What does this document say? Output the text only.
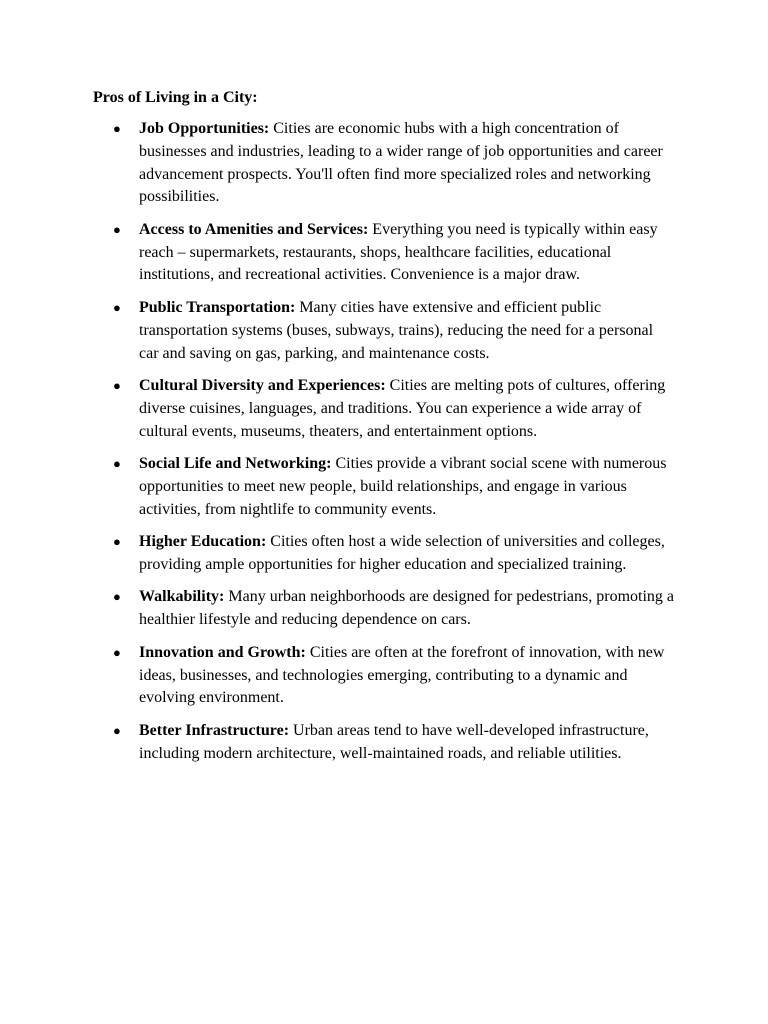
Pros of Living in a City:

● Job Opportunities: Cities are economic hubs with a high concentration of businesses and industries, leading to a wider range of job opportunities and career advancement prospects. You'll often find more specialized roles and networking possibilities.
● Access to Amenities and Services: Everything you need is typically within easy reach – supermarkets, restaurants, shops, healthcare facilities, educational institutions, and recreational activities. Convenience is a major draw.
● Public Transportation: Many cities have extensive and efficient public transportation systems (buses, subways, trains), reducing the need for a personal car and saving on gas, parking, and maintenance costs.
● Cultural Diversity and Experiences: Cities are melting pots of cultures, offering diverse cuisines, languages, and traditions. You can experience a wide array of cultural events, museums, theaters, and entertainment options.
● Social Life and Networking: Cities provide a vibrant social scene with numerous opportunities to meet new people, build relationships, and engage in various activities, from nightlife to community events.
● Higher Education: Cities often host a wide selection of universities and colleges, providing ample opportunities for higher education and specialized training.
● Walkability: Many urban neighborhoods are designed for pedestrians, promoting a healthier lifestyle and reducing dependence on cars.
● Innovation and Growth: Cities are often at the forefront of innovation, with new ideas, businesses, and technologies emerging, contributing to a dynamic and evolving environment.
● Better Infrastructure: Urban areas tend to have well-developed infrastructure, including modern architecture, well-maintained roads, and reliable utilities.
